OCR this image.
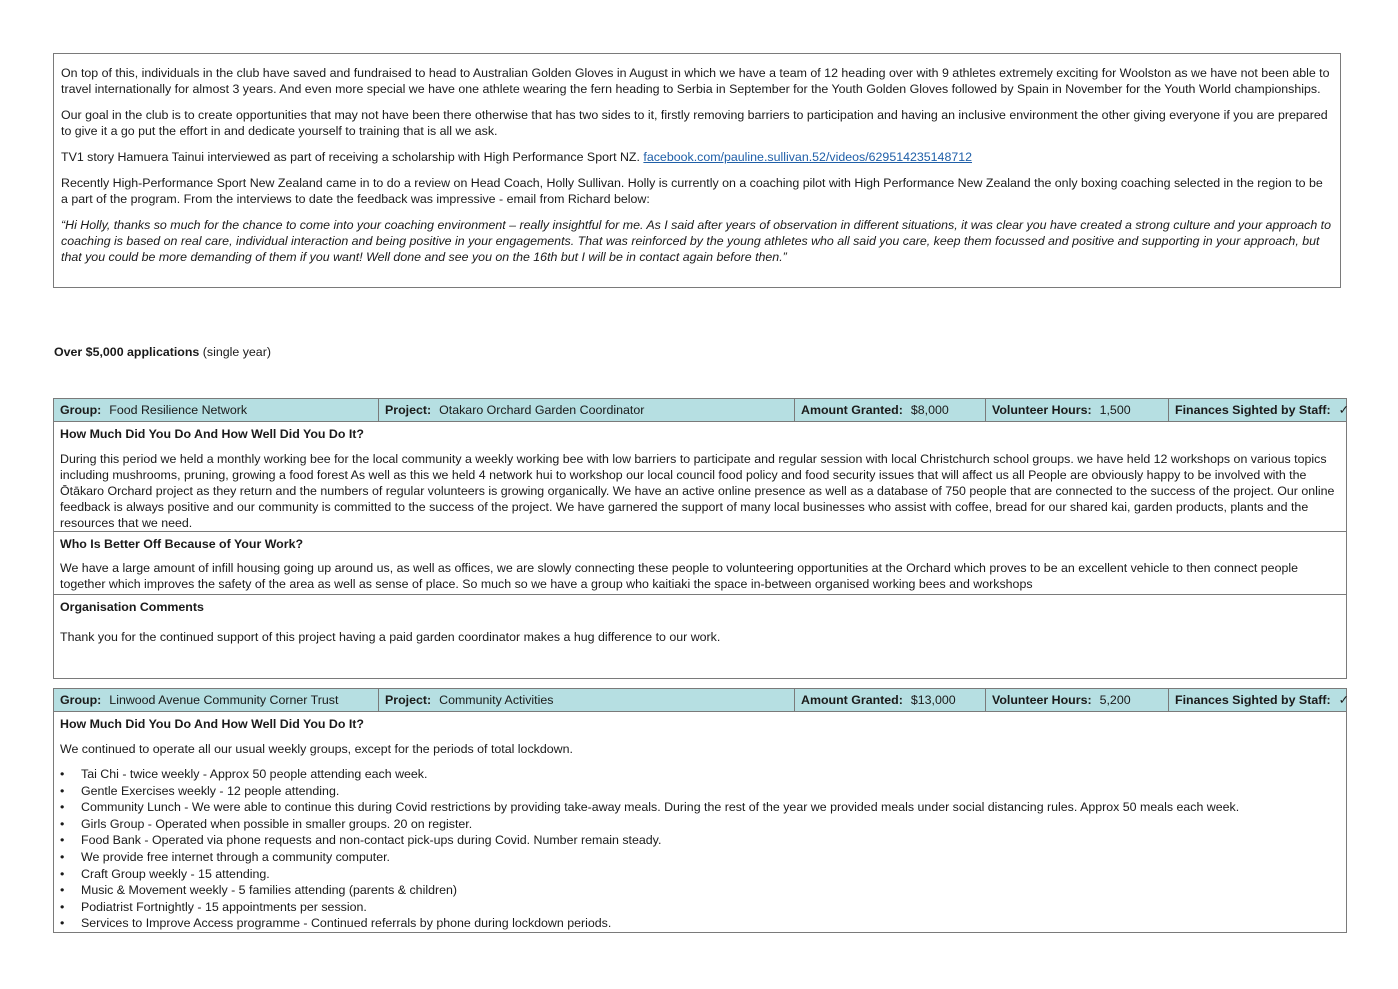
On top of this, individuals in the club have saved and fundraised to head to Australian Golden Gloves in August in which we have a team of 12 heading over with 9 athletes extremely exciting for Woolston as we have not been able to travel internationally for almost 3 years. And even more special we have one athlete wearing the fern heading to Serbia in September for the Youth Golden Gloves followed by Spain in November for the Youth World championships.

Our goal in the club is to create opportunities that may not have been there otherwise that has two sides to it, firstly removing barriers to participation and having an inclusive environment the other giving everyone if you are prepared to give it a go put the effort in and dedicate yourself to training that is all we ask.

TV1 story Hamuera Tainui interviewed as part of receiving a scholarship with High Performance Sport NZ. facebook.com/pauline.sullivan.52/videos/629514235148712

Recently High-Performance Sport New Zealand came in to do a review on Head Coach, Holly Sullivan. Holly is currently on a coaching pilot with High Performance New Zealand the only boxing coaching selected in the region to be a part of the program. From the interviews to date the feedback was impressive - email from Richard below:

“Hi Holly, thanks so much for the chance to come into your coaching environment – really insightful for me. As I said after years of observation in different situations, it was clear you have created a strong culture and your approach to coaching is based on real care, individual interaction and being positive in your engagements. That was reinforced by the young athletes who all said you care, keep them focussed and positive and supporting in your approach, but that you could be more demanding of them if you want! Well done and see you on the 16th but I will be in contact again before then.”

Over $5,000 applications (single year)
Group: Food Resilience Network	Project: Otakaro Orchard Garden Coordinator	Amount Granted: $8,000	Volunteer Hours: 1,500	Finances Sighted by Staff: ✓

How Much Did You Do And How Well Did You Do It?
During this period we held a monthly working bee for the local community a weekly working bee with low barriers to participate and regular session with local Christchurch school groups. we have held 12 workshops on various topics including mushrooms, pruning, growing a food forest As well as this we held 4 network hui to workshop our local council food policy and food security issues that will affect us all People are obviously happy to be involved with the Ōtākaro Orchard project as they return and the numbers of regular volunteers is growing organically. We have an active online presence as well as a database of 750 people that are connected to the success of the project. Our online feedback is always positive and our community is committed to the success of the project. We have garnered the support of many local businesses who assist with coffee, bread for our shared kai, garden products, plants and the resources that we need.

Who Is Better Off Because of Your Work?
We have a large amount of infill housing going up around us, as well as offices, we are slowly connecting these people to volunteering opportunities at the Orchard which proves to be an excellent vehicle to then connect people together which improves the safety of the area as well as sense of place. So much so we have a group who kaitiaki the space in-between organised working bees and workshops

Organisation Comments
Thank you for the continued support of this project having a paid garden coordinator makes a hug difference to our work.
Group: Linwood Avenue Community Corner Trust	Project: Community Activities	Amount Granted: $13,000	Volunteer Hours: 5,200	Finances Sighted by Staff: ✓

How Much Did You Do And How Well Did You Do It?
We continued to operate all our usual weekly groups, except for the periods of total lockdown.
• Tai Chi - twice weekly - Approx 50 people attending each week.
• Gentle Exercises weekly - 12 people attending.
• Community Lunch - We were able to continue this during Covid restrictions by providing take-away meals. During the rest of the year we provided meals under social distancing rules. Approx 50 meals each week.
• Girls Group - Operated when possible in smaller groups. 20 on register.
• Food Bank - Operated via phone requests and non-contact pick-ups during Covid. Number remain steady.
• We provide free internet through a community computer.
• Craft Group weekly - 15 attending.
• Music & Movement weekly - 5 families attending (parents & children)
• Podiatrist Fortnightly - 15 appointments per session.
• Services to Improve Access programme - Continued referrals by phone during lockdown periods.
